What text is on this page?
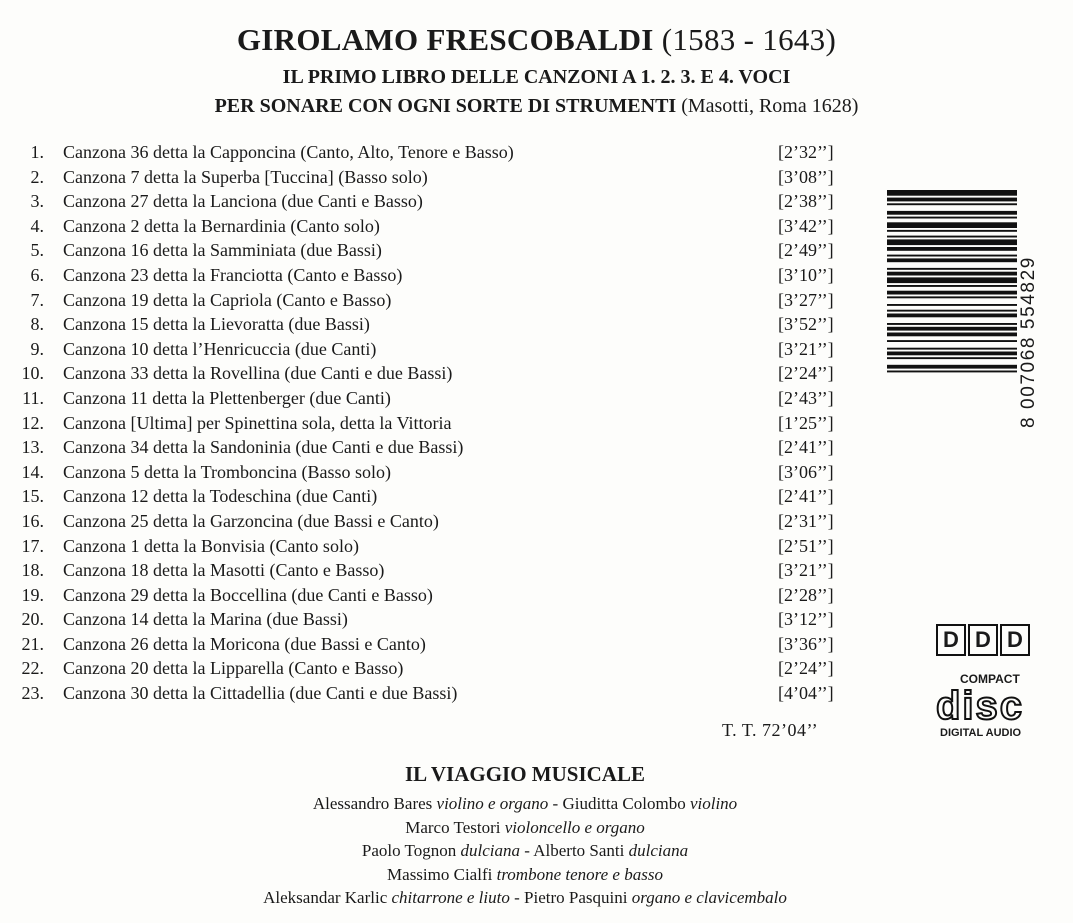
GIROLAMO FRESCOBALDI (1583 - 1643)
IL PRIMO LIBRO DELLE CANZONI A 1. 2. 3. E 4. VOCI
PER SONARE CON OGNI SORTE DI STRUMENTI (Masotti, Roma 1628)
1. Canzona 36 detta la Capponcina (Canto, Alto, Tenore e Basso)	[2’32’’]
2. Canzona 7 detta la Superba [Tuccina] (Basso solo)	[3’08’’]
3. Canzona 27 detta la Lanciona (due Canti e Basso)	[2’38’’]
4. Canzona 2 detta la Bernardinia (Canto solo)	[3’42’’]
5. Canzona 16 detta la Samminiata (due Bassi)	[2’49’’]
6. Canzona 23 detta la Franciotta (Canto e Basso)	[3’10’’]
7. Canzona 19 detta la Capriola (Canto e Basso)	[3’27’’]
8. Canzona 15 detta la Lievoratta (due Bassi)	[3’52’’]
9. Canzona 10 detta l’Henricuccia (due Canti)	[3’21’’]
10. Canzona 33 detta la Rovellina (due Canti e due Bassi)	[2’24’’]
11. Canzona 11 detta la Plettenberger (due Canti)	[2’43’’]
12. Canzona [Ultima] per Spinettina sola, detta la Vittoria	[1’25’’]
13. Canzona 34 detta la Sandoninia (due Canti e due Bassi)	[2’41’’]
14. Canzona 5 detta la Tromboncina (Basso solo)	[3’06’’]
15. Canzona 12 detta la Todeschina (due Canti)	[2’41’’]
16. Canzona 25 detta la Garzoncina (due Bassi e Canto)	[2’31’’]
17. Canzona 1 detta la Bonvisia (Canto solo)	[2’51’’]
18. Canzona 18 detta la Masotti (Canto e Basso)	[3’21’’]
19. Canzona 29 detta la Boccellina (due Canti e Basso)	[2’28’’]
20. Canzona 14 detta la Marina (due Bassi)	[3’12’’]
21. Canzona 26 detta la Moricona (due Bassi e Canto)	[3’36’’]
22. Canzona 20 detta la Lipparella (Canto e Basso)	[2’24’’]
23. Canzona 30 detta la Cittadellia (due Canti e due Bassi)	[4’04’’]
T. T. 72’04’’
8 007068 554829
D D D
COMPACT
disc
DIGITAL AUDIO
IL VIAGGIO MUSICALE
Alessandro Bares violino e organo - Giuditta Colombo violino
Marco Testori violoncello e organo
Paolo Tognon dulciana - Alberto Santi dulciana
Massimo Cialfi trombone tenore e basso
Aleksandar Karlic chitarrone e liuto - Pietro Pasquini organo e clavicembalo
